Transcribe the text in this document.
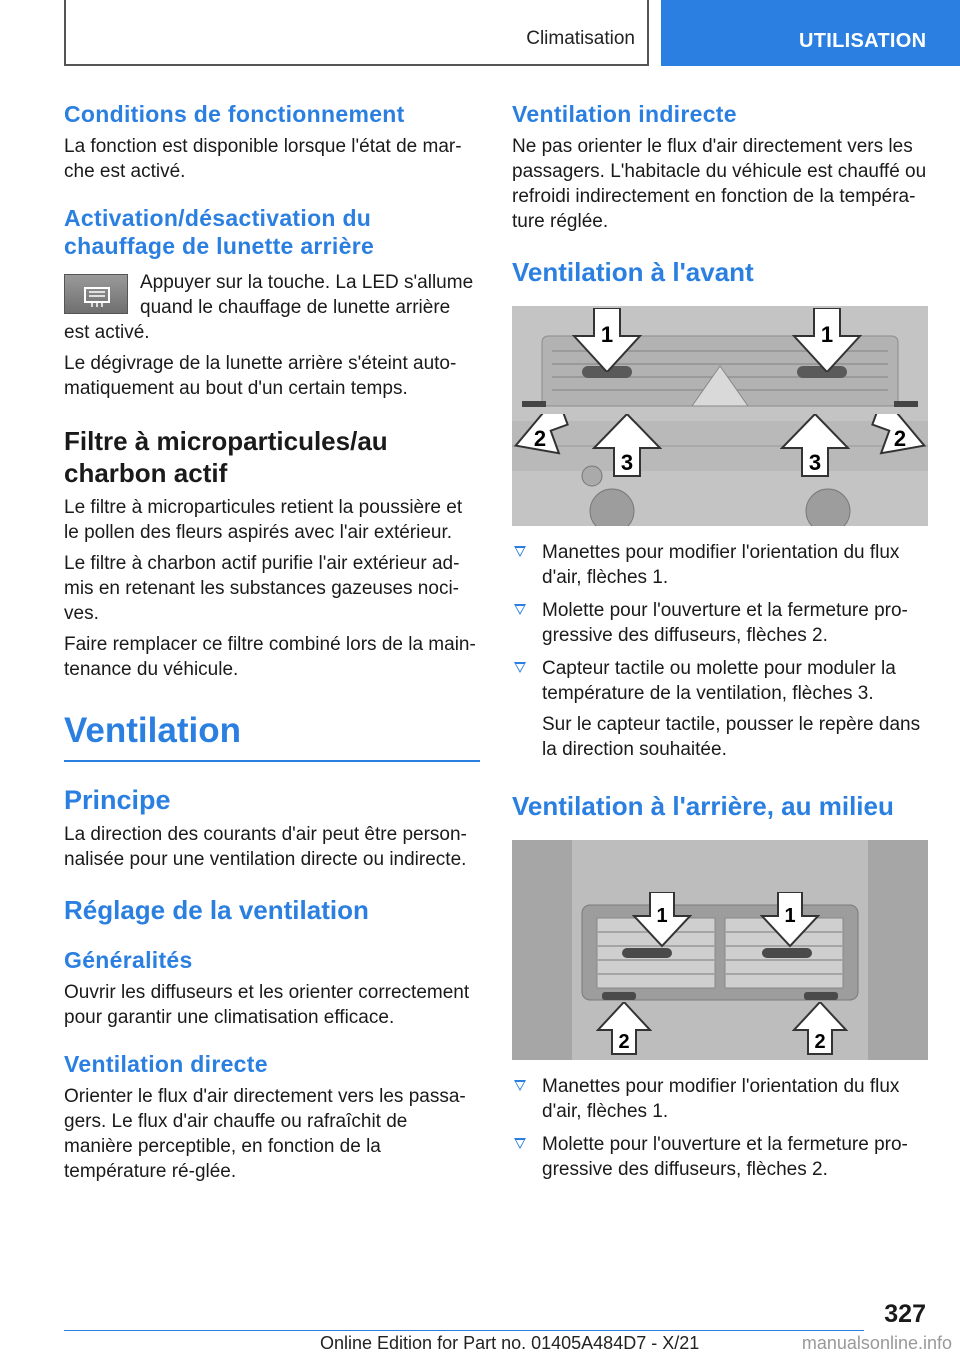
Climatisation	UTILISATION
Conditions de fonctionnement

La fonction est disponible lorsque l'état de mar-che est activé.

Activation/désactivation du chauffage de lunette arrière

Appuyer sur la touche. La LED s'allume quand le chauffage de lunette arrière est activé.

Le dégivrage de la lunette arrière s'éteint auto-matiquement au bout d'un certain temps.

Filtre à microparticules/au charbon actif

Le filtre à microparticules retient la poussière et le pollen des fleurs aspirés avec l'air extérieur.

Le filtre à charbon actif purifie l'air extérieur ad-mis en retenant les substances gazeuses noci-ves.

Faire remplacer ce filtre combiné lors de la main-tenance du véhicule.

Ventilation
Principe

La direction des courants d'air peut être person-nalisée pour une ventilation directe ou indirecte.

Réglage de la ventilation
Généralités

Ouvrir les diffuseurs et les orienter correctement pour garantir une climatisation efficace.

Ventilation directe

Orienter le flux d'air directement vers les passa-gers. Le flux d'air chauffe ou rafraîchit de manière perceptible, en fonction de la température ré-glée.

Ventilation indirecte

Ne pas orienter le flux d'air directement vers les passagers. L'habitacle du véhicule est chauffé ou refroidi indirectement en fonction de la tempéra-ture réglée.

Ventilation à l'avant
1	1
2	2
3	3
Manettes pour modifier l'orientation du flux d'air, flèches 1.
Molette pour l'ouverture et la fermeture pro-gressive des diffuseurs, flèches 2.
Capteur tactile ou molette pour moduler la température de la ventilation, flèches 3.
Sur le capteur tactile, pousser le repère dans la direction souhaitée.
Ventilation à l'arrière, au milieu
1	1
2	2
Manettes pour modifier l'orientation du flux d'air, flèches 1.
Molette pour l'ouverture et la fermeture pro-gressive des diffuseurs, flèches 2.
327
Online Edition for Part no. 01405A484D7 - X/21	manualsonline.info
